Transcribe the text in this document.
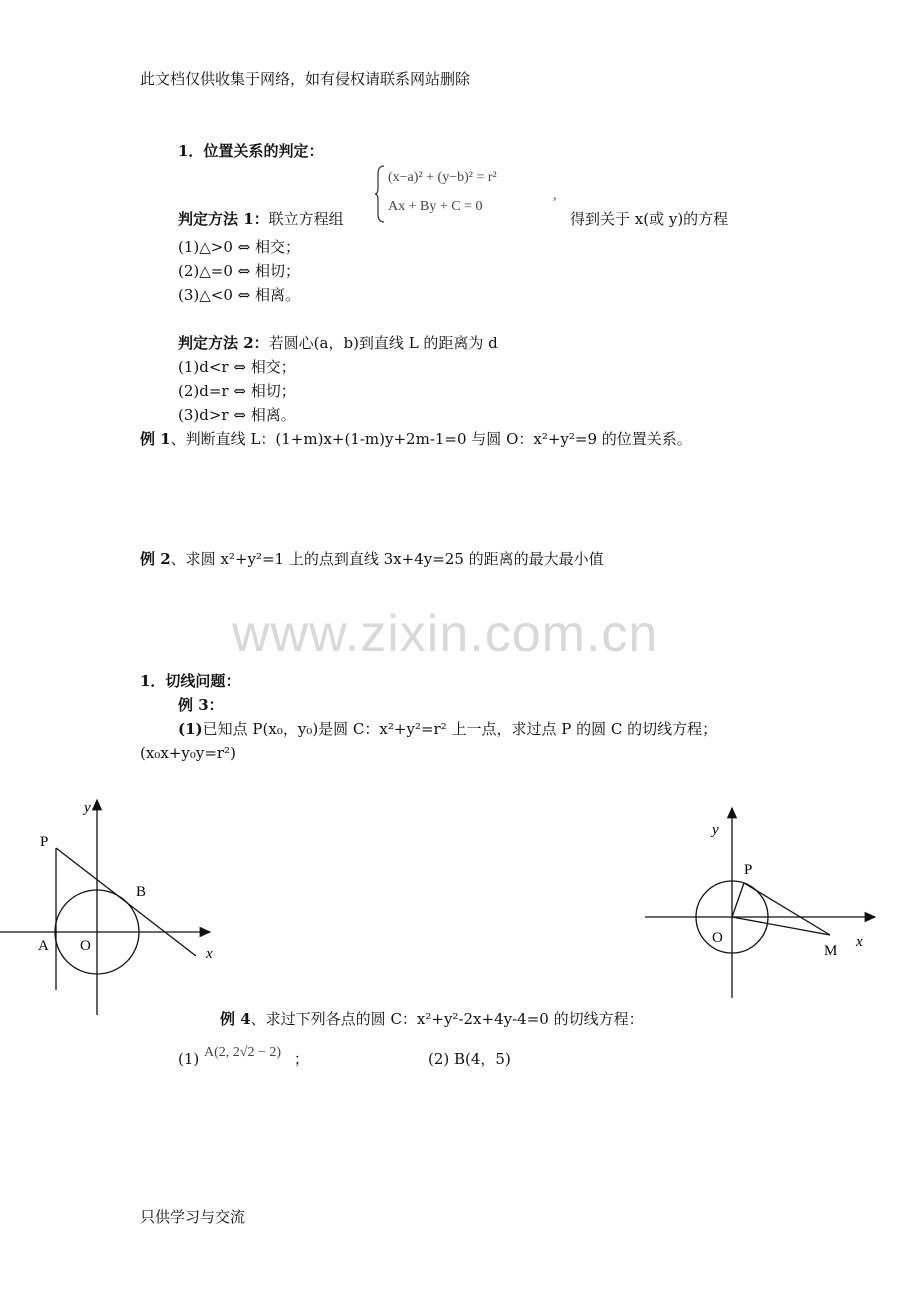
此文档仅供收集于网络，如有侵权请联系网站删除
1．位置关系的判定：
判定方法 1：联立方程组
(x−a)² + (y−b)² = r²
Ax + By + C = 0
,
得到关于 x(或 y)的方程
(1)△>0 ⇔ 相交；
(2)△=0 ⇔ 相切；
(3)△<0 ⇔ 相离。
判定方法 2：若圆心(a，b)到直线 L 的距离为 d
(1)d<r ⇔ 相交；
(2)d=r ⇔ 相切；
(3)d>r ⇔ 相离。
例 1、判断直线 L：(1+m)x+(1-m)y+2m-1=0 与圆 O：x²+y²=9 的位置关系。
例 2、求圆 x²+y²=1 上的点到直线 3x+4y=25 的距离的最大最小值
www.zixin.com.cn
1．切线问题：
例 3：
(1)已知点 P(x₀，y₀)是圆 C：x²+y²=r² 上一点，求过点 P 的圆 C 的切线方程；
(x₀x+y₀y=r²)
y
x
P
B
A O
y
x
P
O
M
例 4、求过下列各点的圆 C：x²+y²-2x+4y-4=0 的切线方程：
(1) A(2, 2√2 − 2) ；	(2) B(4，5)
只供学习与交流
